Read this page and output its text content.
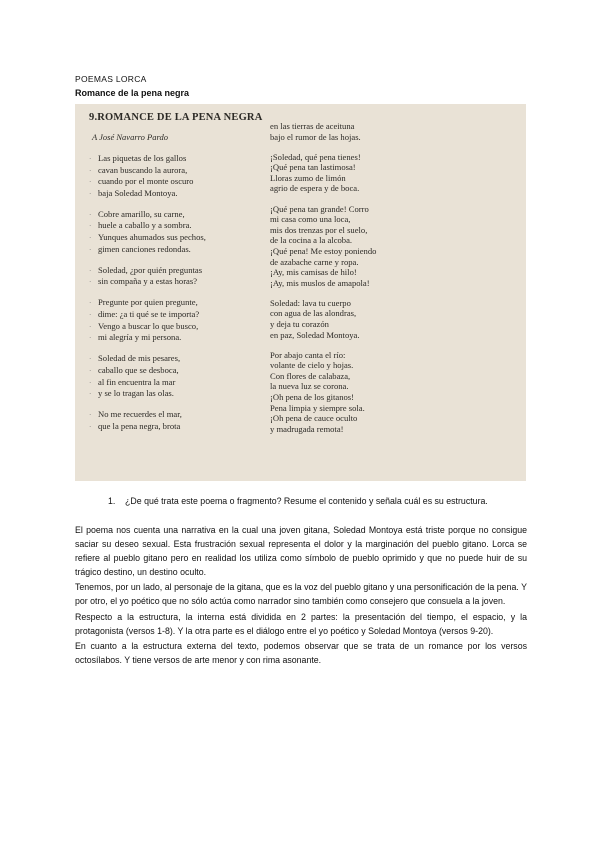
POEMAS LORCA
Romance de la pena negra
9.ROMANCE DE LA PENA NEGRA
A José Navarro Pardo
· Las piquetas de los gallos
· cavan buscando la aurora,
· cuando por el monte oscuro
· baja Soledad Montoya.
· Cobre amarillo, su carne,
· huele a caballo y a sombra.
· Yunques ahumados sus pechos,
· gimen canciones redondas.
· Soledad, ¿por quién preguntas
· sin compaña y a estas horas?
· Pregunte por quien pregunte,
· dime: ¿a ti qué se te importa?
· Vengo a buscar lo que busco,
· mi alegría y mi persona.
· Soledad de mis pesares,
· caballo que se desboca,
· al fin encuentra la mar
· y se lo tragan las olas.
· No me recuerdes el mar,
· que la pena negra, brota
en las tierras de aceituna
bajo el rumor de las hojas.
¡Soledad, qué pena tienes!
¡Qué pena tan lastimosa!
Lloras zumo de limón
agrio de espera y de boca.
¡Qué pena tan grande! Corro
mi casa como una loca,
mis dos trenzas por el suelo,
de la cocina a la alcoba.
¡Qué pena! Me estoy poniendo
de azabache carne y ropa.
¡Ay, mis camisas de hilo!
¡Ay, mis muslos de amapola!
Soledad: lava tu cuerpo
con agua de las alondras,
y deja tu corazón
en paz, Soledad Montoya.
Por abajo canta el río:
volante de cielo y hojas.
Con flores de calabaza,
la nueva luz se corona.
¡Oh pena de los gitanos!
Pena limpia y siempre sola.
¡Oh pena de cauce oculto
y madrugada remota!
1.	¿De qué trata este poema o fragmento? Resume el contenido y señala cuál es su estructura.

El poema nos cuenta una narrativa en la cual una joven gitana, Soledad Montoya está triste porque no consigue saciar su deseo sexual. Esta frustración sexual representa el dolor y la marginación del pueblo gitano. Lorca se refiere al pueblo gitano pero en realidad los utiliza como símbolo de pueblo oprimido y que no puede huir de su trágico destino, un destino oculto.

Tenemos, por un lado, al personaje de la gitana, que es la voz del pueblo gitano y una personificación de la pena. Y por otro, el yo poético que no sólo actúa como narrador sino también como consejero que consuela a la joven.

Respecto a la estructura, la interna está dividida en 2 partes: la presentación del tiempo, el espacio, y la protagonista (versos 1-8). Y la otra parte es el diálogo entre el yo poético y Soledad Montoya (versos 9-20).

En cuanto a la estructura externa del texto, podemos observar que se trata de un romance por los versos octosílabos. Y tiene versos de arte menor y con rima asonante.
